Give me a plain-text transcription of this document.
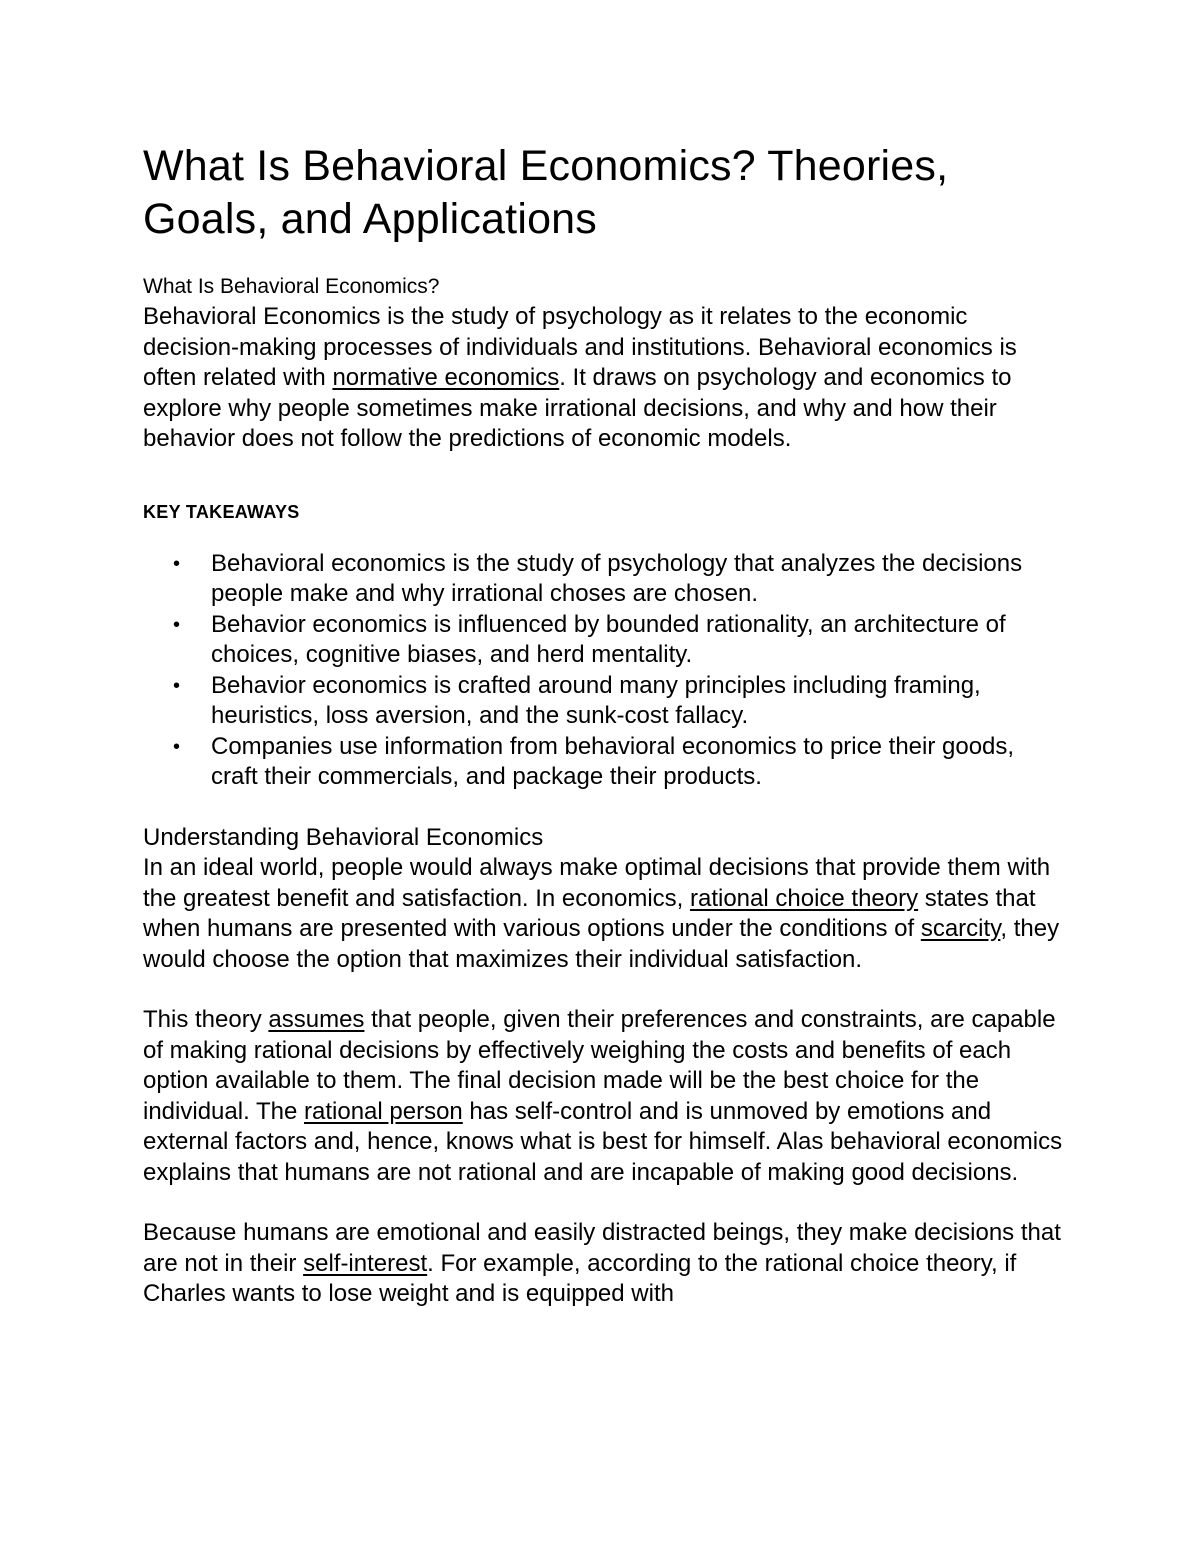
What Is Behavioral Economics? Theories, Goals, and Applications

What Is Behavioral Economics?

Behavioral Economics is the study of psychology as it relates to the economic decision-making processes of individuals and institutions. Behavioral economics is often related with normative economics. It draws on psychology and economics to explore why people sometimes make irrational decisions, and why and how their behavior does not follow the predictions of economic models.

KEY TAKEAWAYS
• Behavioral economics is the study of psychology that analyzes the decisions people make and why irrational choses are chosen.
• Behavior economics is influenced by bounded rationality, an architecture of choices, cognitive biases, and herd mentality.
• Behavior economics is crafted around many principles including framing, heuristics, loss aversion, and the sunk-cost fallacy.
• Companies use information from behavioral economics to price their goods, craft their commercials, and package their products.

Understanding Behavioral Economics

In an ideal world, people would always make optimal decisions that provide them with the greatest benefit and satisfaction. In economics, rational choice theory states that when humans are presented with various options under the conditions of scarcity, they would choose the option that maximizes their individual satisfaction.

This theory assumes that people, given their preferences and constraints, are capable of making rational decisions by effectively weighing the costs and benefits of each option available to them. The final decision made will be the best choice for the individual. The rational person has self-control and is unmoved by emotions and external factors and, hence, knows what is best for himself. Alas behavioral economics explains that humans are not rational and are incapable of making good decisions.

Because humans are emotional and easily distracted beings, they make decisions that are not in their self-interest. For example, according to the rational choice theory, if Charles wants to lose weight and is equipped with
